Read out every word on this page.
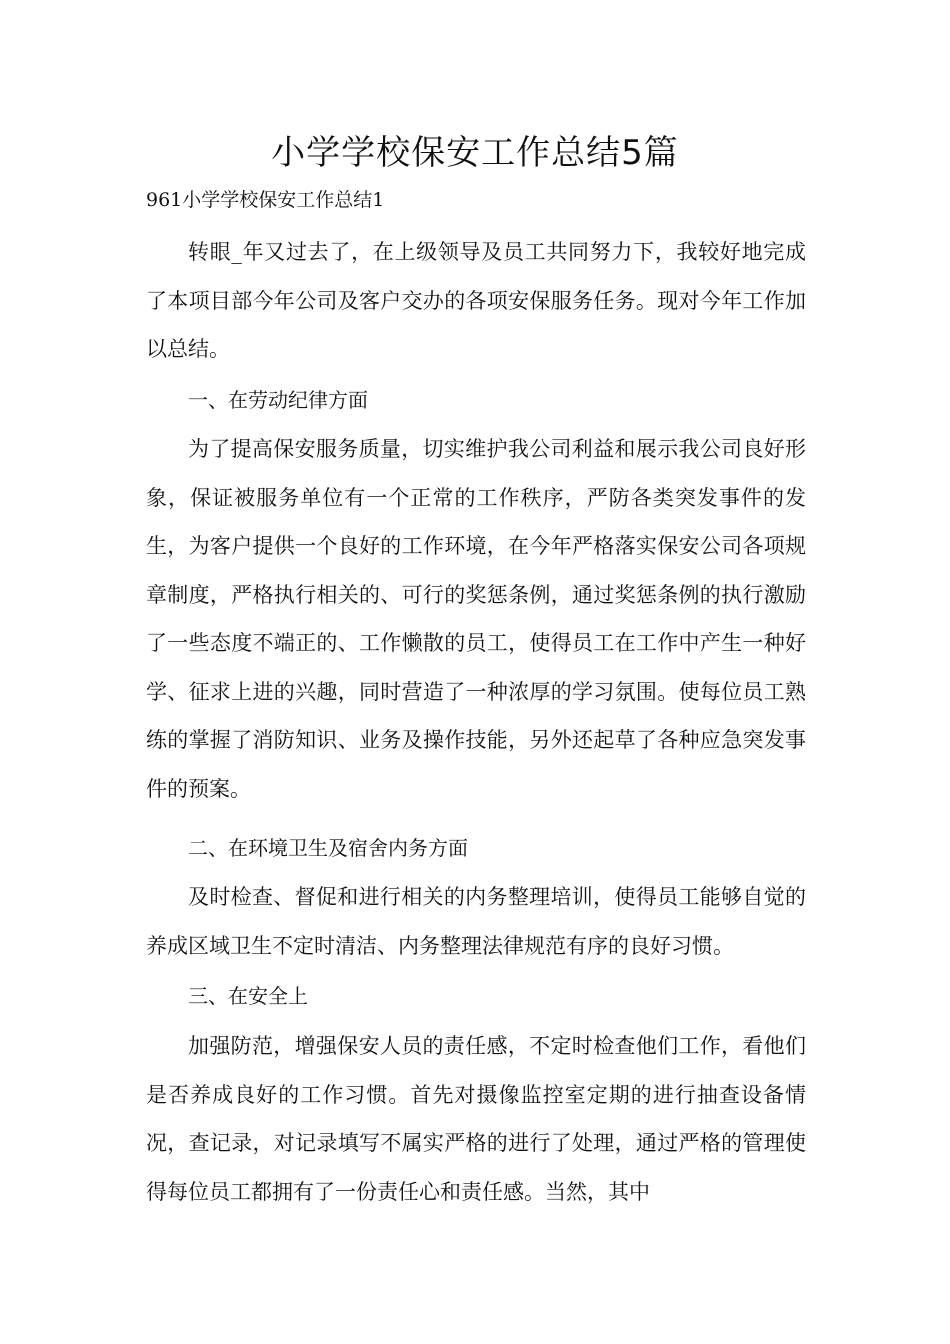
小学学校保安工作总结5篇
961小学学校保安工作总结1

转眼_年又过去了，在上级领导及员工共同努力下，我较好地完成了本项目部今年公司及客户交办的各项安保服务任务。现对今年工作加以总结。

一、在劳动纪律方面

为了提高保安服务质量，切实维护我公司利益和展示我公司良好形象，保证被服务单位有一个正常的工作秩序，严防各类突发事件的发生，为客户提供一个良好的工作环境，在今年严格落实保安公司各项规章制度，严格执行相关的、可行的奖惩条例，通过奖惩条例的执行激励了一些态度不端正的、工作懒散的员工，使得员工在工作中产生一种好学、征求上进的兴趣，同时营造了一种浓厚的学习氛围。使每位员工熟练的掌握了消防知识、业务及操作技能，另外还起草了各种应急突发事件的预案。

二、在环境卫生及宿舍内务方面

及时检查、督促和进行相关的内务整理培训，使得员工能够自觉的养成区域卫生不定时清洁、内务整理法律规范有序的良好习惯。

三、在安全上

加强防范，增强保安人员的责任感，不定时检查他们工作，看他们是否养成良好的工作习惯。首先对摄像监控室定期的进行抽查设备情况，查记录，对记录填写不属实严格的进行了处理，通过严格的管理使得每位员工都拥有了一份责任心和责任感。当然，其中
